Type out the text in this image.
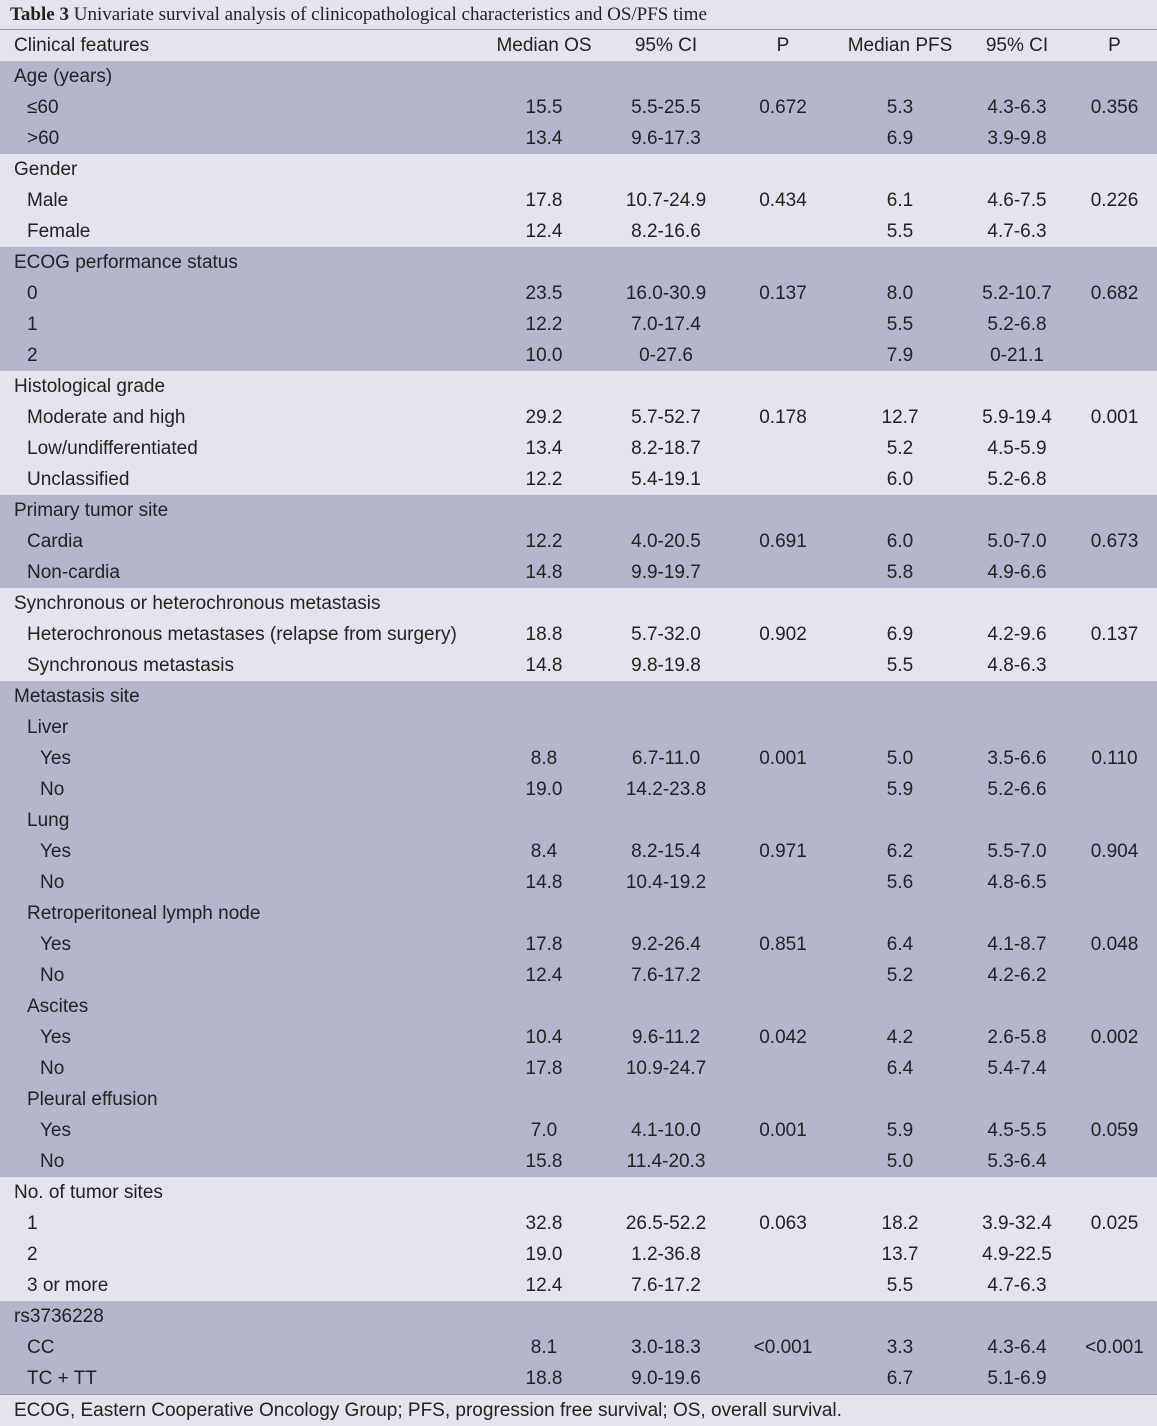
Table 3 Univariate survival analysis of clinicopathological characteristics and OS/PFS time
Clinical features	Median OS	95% CI	P	Median PFS	95% CI	P
Age (years)						
≤60	15.5	5.5-25.5	0.672	5.3	4.3-6.3	0.356
>60	13.4	9.6-17.3		6.9	3.9-9.8	
Gender						
Male	17.8	10.7-24.9	0.434	6.1	4.6-7.5	0.226
Female	12.4	8.2-16.6		5.5	4.7-6.3	
ECOG performance status						
0	23.5	16.0-30.9	0.137	8.0	5.2-10.7	0.682
1	12.2	7.0-17.4		5.5	5.2-6.8	
2	10.0	0-27.6		7.9	0-21.1	
Histological grade						
Moderate and high	29.2	5.7-52.7	0.178	12.7	5.9-19.4	0.001
Low/undifferentiated	13.4	8.2-18.7		5.2	4.5-5.9	
Unclassified	12.2	5.4-19.1		6.0	5.2-6.8	
Primary tumor site						
Cardia	12.2	4.0-20.5	0.691	6.0	5.0-7.0	0.673
Non-cardia	14.8	9.9-19.7		5.8	4.9-6.6	
Synchronous or heterochronous metastasis						
Heterochronous metastases (relapse from surgery)	18.8	5.7-32.0	0.902	6.9	4.2-9.6	0.137
Synchronous metastasis	14.8	9.8-19.8		5.5	4.8-6.3	
Metastasis site						
Liver						
Yes	8.8	6.7-11.0	0.001	5.0	3.5-6.6	0.110
No	19.0	14.2-23.8		5.9	5.2-6.6	
Lung						
Yes	8.4	8.2-15.4	0.971	6.2	5.5-7.0	0.904
No	14.8	10.4-19.2		5.6	4.8-6.5	
Retroperitoneal lymph node						
Yes	17.8	9.2-26.4	0.851	6.4	4.1-8.7	0.048
No	12.4	7.6-17.2		5.2	4.2-6.2	
Ascites						
Yes	10.4	9.6-11.2	0.042	4.2	2.6-5.8	0.002
No	17.8	10.9-24.7		6.4	5.4-7.4	
Pleural effusion						
Yes	7.0	4.1-10.0	0.001	5.9	4.5-5.5	0.059
No	15.8	11.4-20.3		5.0	5.3-6.4	
No. of tumor sites						
1	32.8	26.5-52.2	0.063	18.2	3.9-32.4	0.025
2	19.0	1.2-36.8		13.7	4.9-22.5	
3 or more	12.4	7.6-17.2		5.5	4.7-6.3	
rs3736228						
CC	8.1	3.0-18.3	<0.001	3.3	4.3-6.4	<0.001
TC + TT	18.8	9.0-19.6		6.7	5.1-6.9	
ECOG, Eastern Cooperative Oncology Group; PFS, progression free survival; OS, overall survival.
